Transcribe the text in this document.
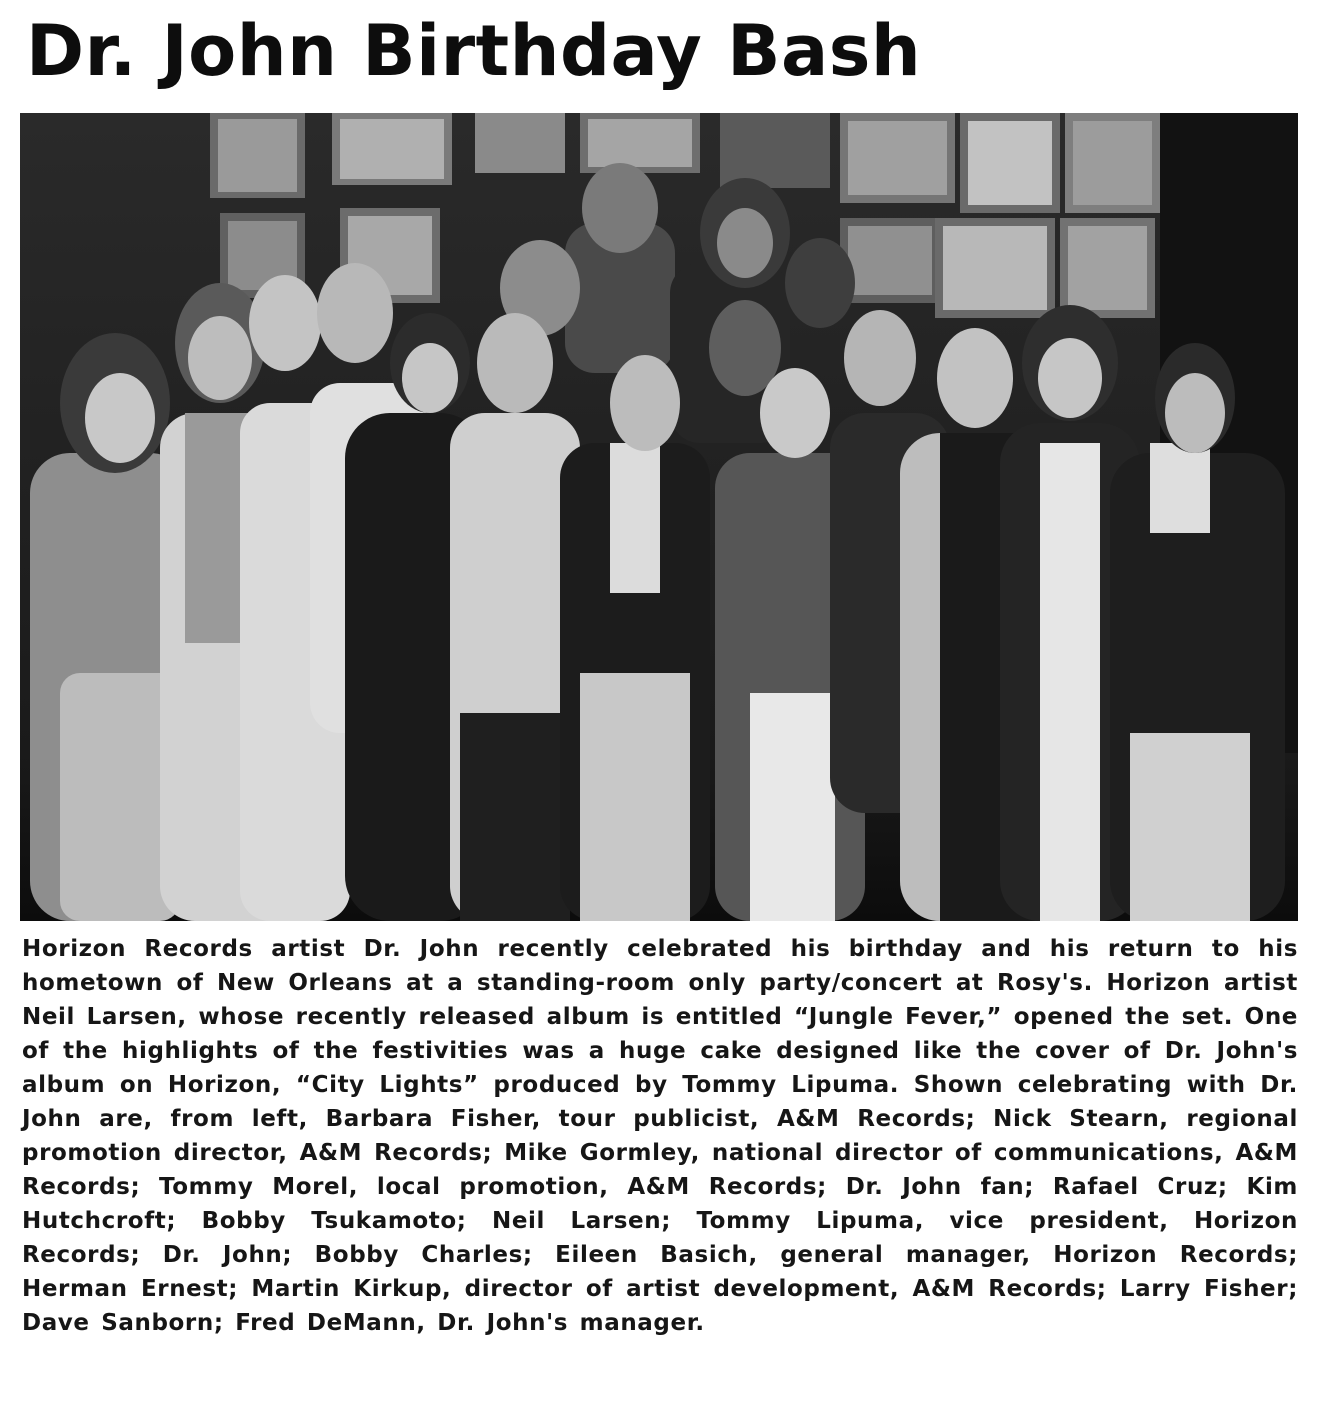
Dr. John Birthday Bash

Horizon Records artist Dr. John recently celebrated his birthday and his return to his hometown of New Orleans at a standing-room only party/concert at Rosy's. Horizon artist Neil Larsen, whose recently released album is entitled “Jungle Fever,” opened the set. One of the highlights of the festivities was a huge cake designed like the cover of Dr. John's album on Horizon, “City Lights” produced by Tommy Lipuma. Shown celebrating with Dr. John are, from left, Barbara Fisher, tour publicist, A&M Records; Nick Stearn, regional promotion director, A&M Records; Mike Gormley, national director of communications, A&M Records; Tommy Morel, local promotion, A&M Records; Dr. John fan; Rafael Cruz; Kim Hutchcroft; Bobby Tsukamoto; Neil Larsen; Tommy Lipuma, vice president, Horizon Records; Dr. John; Bobby Charles; Eileen Basich, general manager, Horizon Records; Herman Ernest; Martin Kirkup, director of artist development, A&M Records; Larry Fisher; Dave Sanborn; Fred DeMann, Dr. John's manager.
